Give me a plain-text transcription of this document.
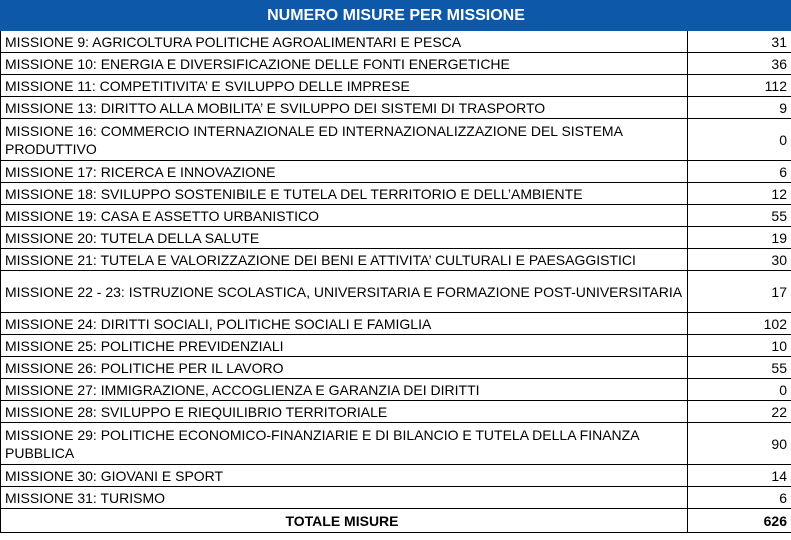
NUMERO MISURE PER MISSIONE	
MISSIONE 9: AGRICOLTURA POLITICHE AGROALIMENTARI E PESCA	31
MISSIONE 10: ENERGIA E DIVERSIFICAZIONE DELLE FONTI ENERGETICHE	36
MISSIONE 11: COMPETITIVITA’ E SVILUPPO DELLE IMPRESE	112
MISSIONE 13: DIRITTO ALLA MOBILITA’ E SVILUPPO DEI SISTEMI DI TRASPORTO	9
MISSIONE 16: COMMERCIO INTERNAZIONALE ED INTERNAZIONALIZZAZIONE DEL SISTEMA PRODUTTIVO	0
MISSIONE 17: RICERCA E INNOVAZIONE	6
MISSIONE 18: SVILUPPO SOSTENIBILE E TUTELA DEL TERRITORIO E DELL’AMBIENTE	12
MISSIONE 19: CASA E ASSETTO URBANISTICO	55
MISSIONE 20: TUTELA DELLA SALUTE	19
MISSIONE 21: TUTELA E VALORIZZAZIONE DEI BENI E ATTIVITA’ CULTURALI E PAESAGGISTICI	30
MISSIONE 22 - 23: ISTRUZIONE SCOLASTICA, UNIVERSITARIA E FORMAZIONE POST-UNIVERSITARIA	17
MISSIONE 24: DIRITTI SOCIALI, POLITICHE SOCIALI E FAMIGLIA	102
MISSIONE 25: POLITICHE PREVIDENZIALI	10
MISSIONE 26: POLITICHE PER IL LAVORO	55
MISSIONE 27: IMMIGRAZIONE, ACCOGLIENZA E GARANZIA DEI DIRITTI	0
MISSIONE 28: SVILUPPO E RIEQUILIBRIO TERRITORIALE	22
MISSIONE 29: POLITICHE ECONOMICO-FINANZIARIE E DI BILANCIO E TUTELA DELLA FINANZA PUBBLICA	90
MISSIONE 30: GIOVANI E SPORT	14
MISSIONE 31: TURISMO	6
TOTALE MISURE	626
